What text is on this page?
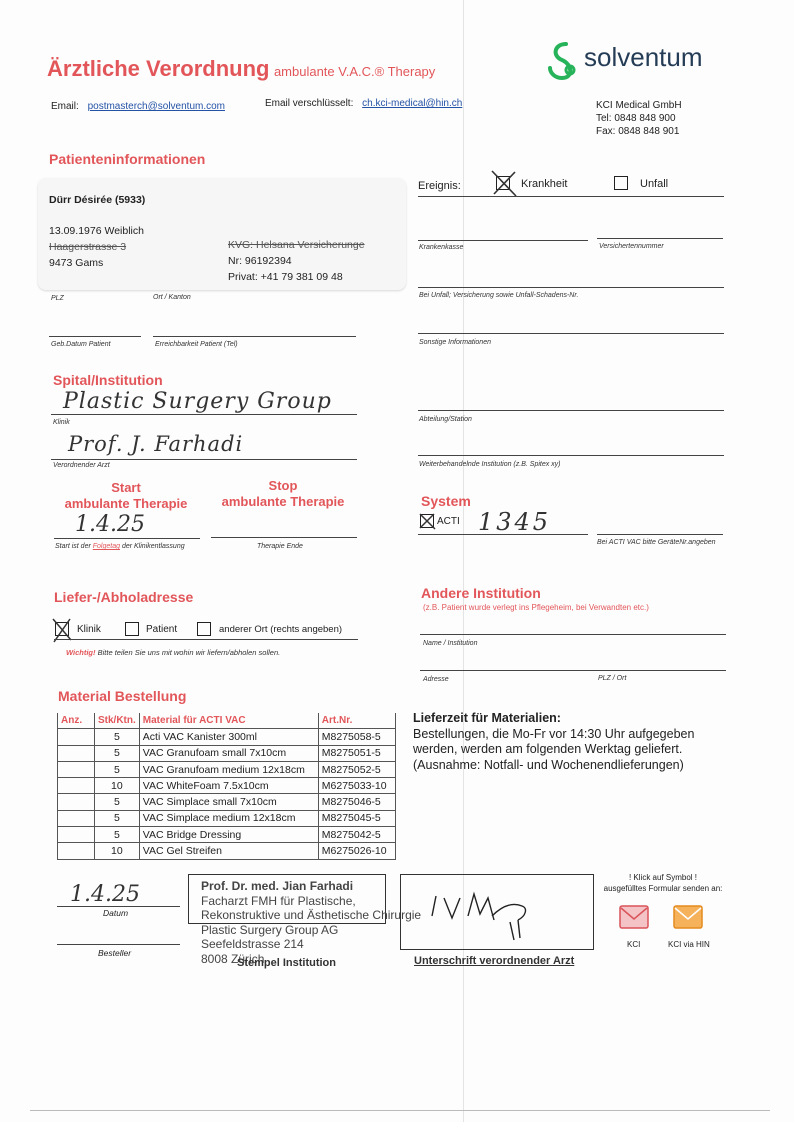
Ärztliche Verordnung ambulante V.A.C.® Therapy	solventum
Email: postmasterch@solventum.com	Email verschlüsselt: ch.kci-medical@hin.ch	KCI Medical GmbH
Tel: 0848 848 900
Fax: 0848 848 901
Patienteninformationen
Dürr Désirée (5933)
13.09.1976 Weiblich
Haagerstrasse 3
9473 Gams
KVG: Helsana Versicherunge
Nr: 96192394
Privat: +41 79 381 09 48
PLZ	Ort / Kanton
Geb.Datum Patient	Erreichbarkeit Patient (Tel)
Ereignis:	Krankheit	Unfall
Krankenkasse	Versichertennummer
Bei Unfall; Versicherung sowie Unfall-Schadens-Nr.
Sonstige Informationen
Spital/Institution
Plastic Surgery Group
Klinik
Prof. J. Farhadi
Verordnender Arzt
Abteilung/Station
Weiterbehandelnde Institution (z.B. Spitex xy)
Start
ambulante Therapie
Stop
ambulante Therapie
1.4.25
Start ist der Folgetag der Klinikentlassung	Therapie Ende
System
ACTI 1345
Bei ACTI VAC bitte GeräteNr.angeben
Liefer-/Abholadresse
Klinik	Patient	anderer Ort (rechts angeben)
Wichtig! Bitte teilen Sie uns mit wohin wir liefern/abholen sollen.
Andere Institution
(z.B. Patient wurde verlegt ins Pflegeheim, bei Verwandten etc.)
Name / Institution
Adresse	PLZ / Ort
Material Bestellung
Anz.	Stk/Ktn.	Material für ACTI VAC	Art.Nr.
	5	Acti VAC Kanister 300ml	M8275058-5
	5	VAC Granufoam small 7x10cm	M8275051-5
	5	VAC Granufoam medium 12x18cm	M8275052-5
	10	VAC WhiteFoam 7.5x10cm	M6275033-10
	5	VAC Simplace small 7x10cm	M8275046-5
	5	VAC Simplace medium 12x18cm	M8275045-5
	5	VAC Bridge Dressing	M8275042-5
	10	VAC Gel Streifen	M6275026-10
Lieferzeit für Materialien:
Bestellungen, die Mo-Fr vor 14:30 Uhr aufgegeben
werden, werden am folgenden Werktag geliefert.
(Ausnahme: Notfall- und Wochenendlieferungen)
1.4.25
Datum
Besteller
Prof. Dr. med. Jian Farhadi
Facharzt FMH für Plastische,
Rekonstruktive und Ästhetische Chirurgie
Plastic Surgery Group AG
Seefeldstrasse 214
8008 Zürich
Stempel Institution	Unterschrift verordnender Arzt
! Klick auf Symbol !
ausgefülltes Formular senden an:
KCI	KCI via HIN
